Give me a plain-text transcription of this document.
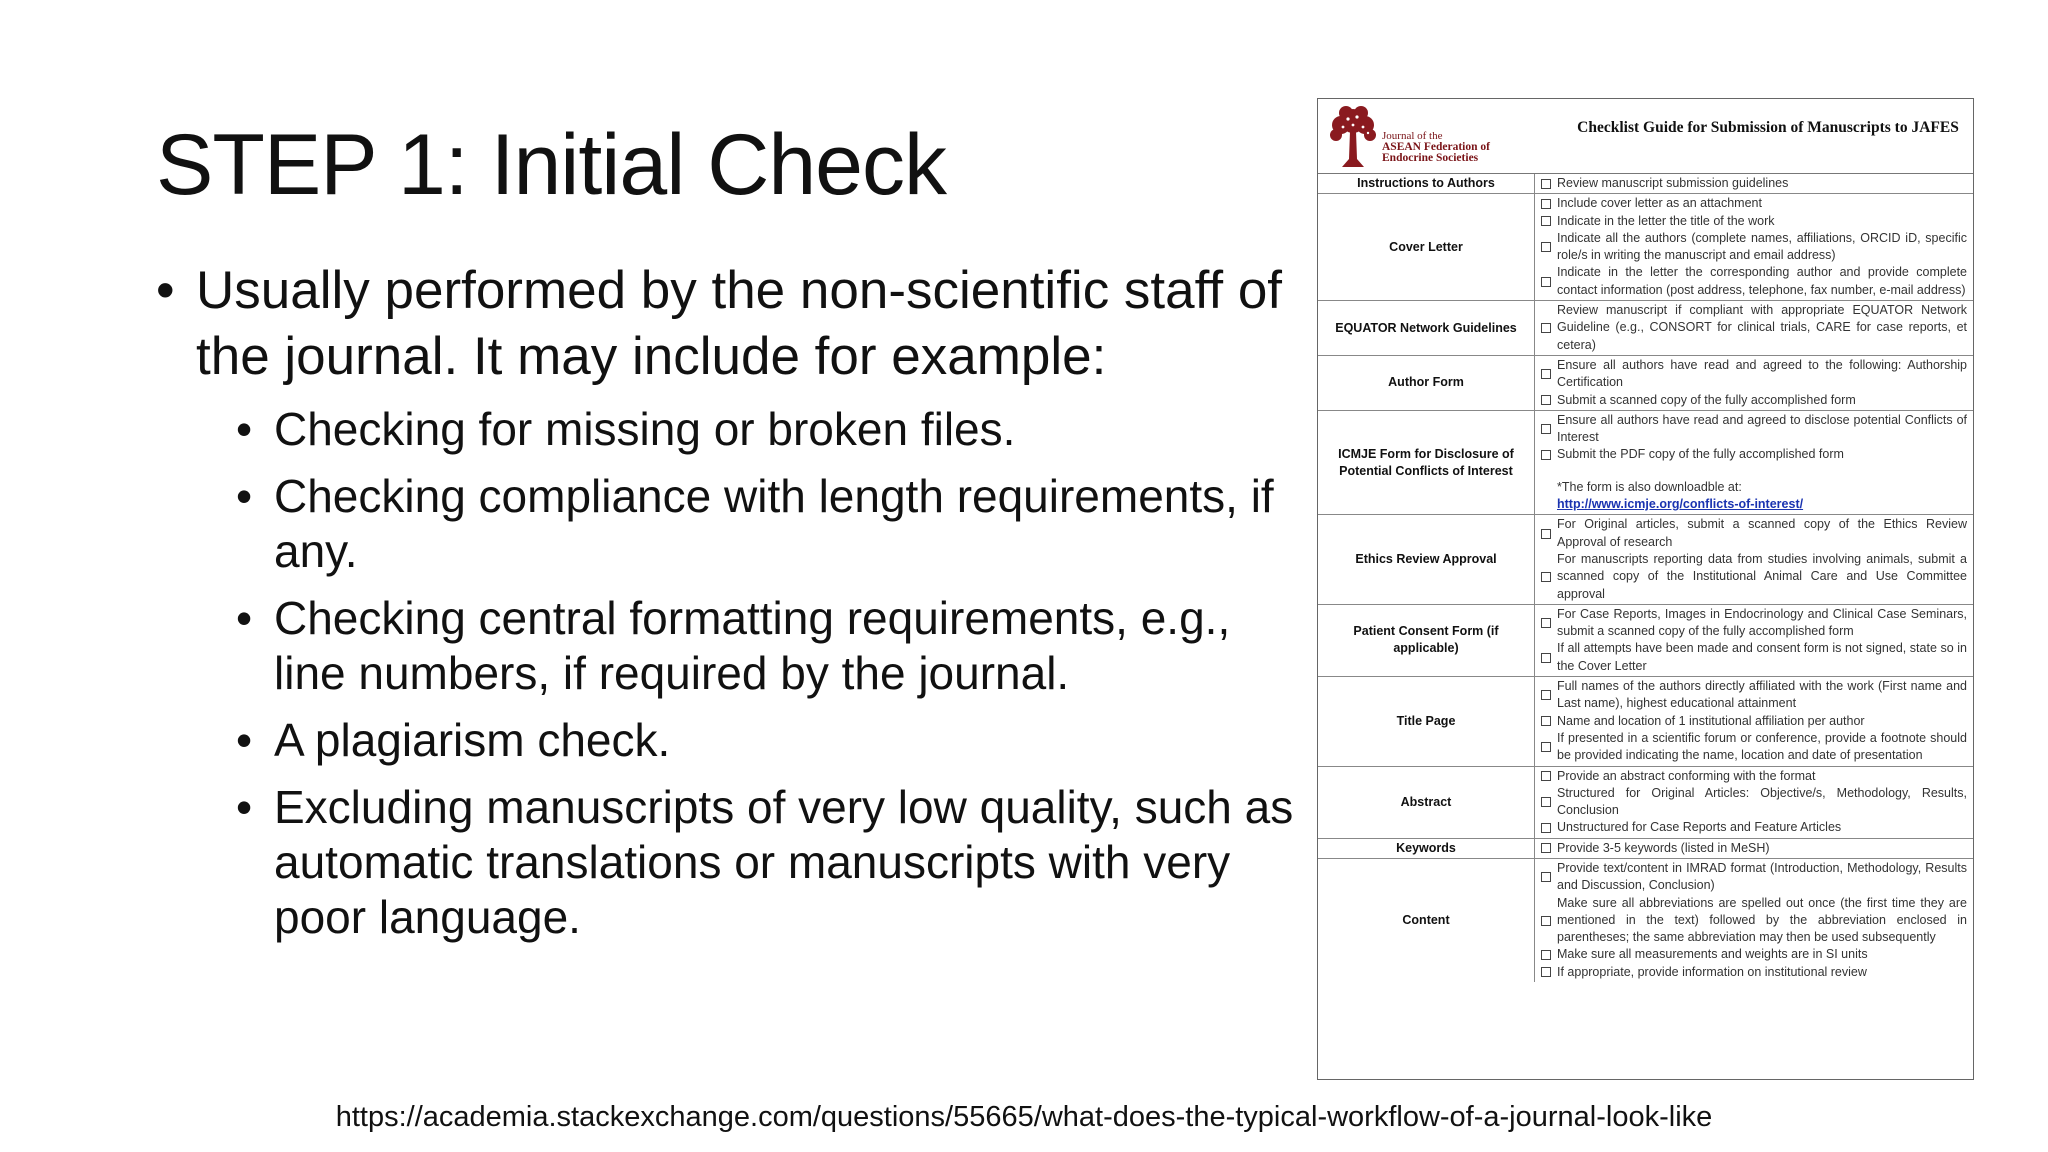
STEP 1: Initial Check

• Usually performed by the non-scientific staff of the journal. It may include for example:

• Checking for missing or broken files.
• Checking compliance with length requirements, if any.
• Checking central formatting requirements, e.g., line numbers, if required by the journal.
• A plagiarism check.
• Excluding manuscripts of very low quality, such as automatic translations or manuscripts with very poor language.
Journal of the
ASEAN Federation of
Endocrine Societies
Checklist Guide for Submission of Manuscripts to JAFES
Instructions to Authors	Review manuscript submission guidelines
Cover Letter
Include cover letter as an attachment
Indicate in the letter the title of the work
Indicate all the authors (complete names, affiliations, ORCID iD, specific role/s in writing the manuscript and email address)
Indicate in the letter the corresponding author and provide complete contact information (post address, telephone, fax number, e-mail address)
EQUATOR Network Guidelines
Review manuscript if compliant with appropriate EQUATOR Network Guideline (e.g., CONSORT for clinical trials, CARE for case reports, et cetera)
Author Form
Ensure all authors have read and agreed to the following: Authorship Certification
Submit a scanned copy of the fully accomplished form
ICMJE Form for Disclosure of Potential Conflicts of Interest
Ensure all authors have read and agreed to disclose potential Conflicts of Interest
Submit the PDF copy of the fully accomplished form
*The form is also downloadble at:
http://www.icmje.org/conflicts-of-interest/
Ethics Review Approval
For Original articles, submit a scanned copy of the Ethics Review Approval of research
For manuscripts reporting data from studies involving animals, submit a scanned copy of the Institutional Animal Care and Use Committee approval
Patient Consent Form (if applicable)
For Case Reports, Images in Endocrinology and Clinical Case Seminars, submit a scanned copy of the fully accomplished form
If all attempts have been made and consent form is not signed, state so in the Cover Letter
Title Page
Full names of the authors directly affiliated with the work (First name and Last name), highest educational attainment
Name and location of 1 institutional affiliation per author
If presented in a scientific forum or conference, provide a footnote should be provided indicating the name, location and date of presentation
Abstract
Provide an abstract conforming with the format
Structured for Original Articles: Objective/s, Methodology, Results, Conclusion
Unstructured for Case Reports and Feature Articles
Keywords	Provide 3-5 keywords (listed in MeSH)
Content
Provide text/content in IMRAD format (Introduction, Methodology, Results and Discussion, Conclusion)
Make sure all abbreviations are spelled out once (the first time they are mentioned in the text) followed by the abbreviation enclosed in parentheses; the same abbreviation may then be used subsequently
Make sure all measurements and weights are in SI units
If appropriate, provide information on institutional review
https://academia.stackexchange.com/questions/55665/what-does-the-typical-workflow-of-a-journal-look-like
